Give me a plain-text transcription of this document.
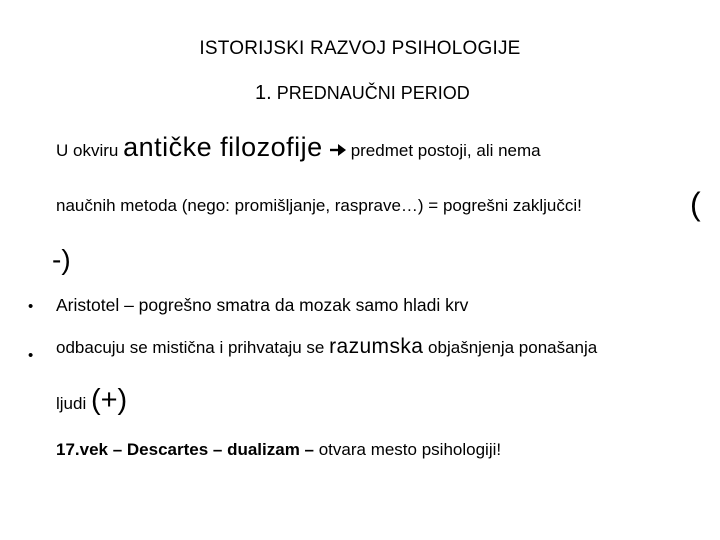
ISTORIJSKI RAZVOJ PSIHOLOGIJE
1. PREDNAUČNI PERIOD
U okviru antičke filozofije predmet postoji, ali nema
naučnih metoda (nego: promišljanje, rasprave…) = pogrešni zaključci!	(
-)
• Aristotel – pogrešno smatra da mozak samo hladi krv
• odbacuju se mistična i prihvataju se razumska objašnjenja ponašanja
ljudi (+)
17.vek – Descartes – dualizam – otvara mesto psihologiji!
